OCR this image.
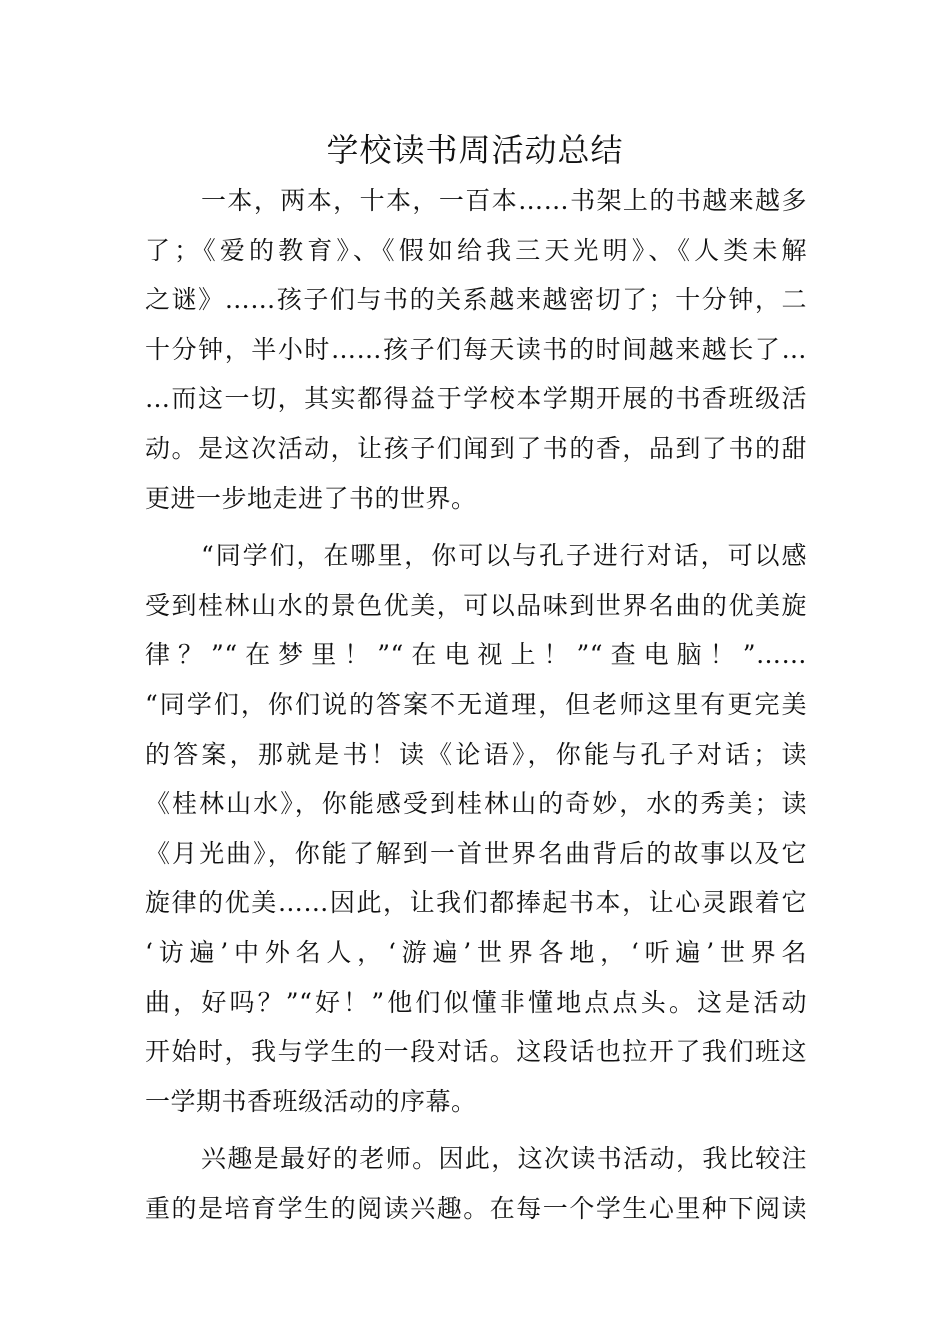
学校读书周活动总结
一本，两本，十本，一百本……书架上的书越来越多
了；《爱的教育》、《假如给我三天光明》、《人类未解
之谜》……孩子们与书的关系越来越密切了；十分钟，二
十分钟，半小时……孩子们每天读书的时间越来越长了…
…而这一切，其实都得益于学校本学期开展的书香班级活
动。是这次活动，让孩子们闻到了书的香，品到了书的甜
更进一步地走进了书的世界。
“同学们，在哪里，你可以与孔子进行对话，可以感
受到桂林山水的景色优美，可以品味到世界名曲的优美旋
律？”“在梦里！”“在电视上！”“查电脑！”……
“同学们，你们说的答案不无道理，但老师这里有更完美
的答案，那就是书！读《论语》，你能与孔子对话；读
《桂林山水》，你能感受到桂林山的奇妙，水的秀美；读
《月光曲》，你能了解到一首世界名曲背后的故事以及它
旋律的优美……因此，让我们都捧起书本，让心灵跟着它
‘访遍’中外名人，‘游遍’世界各地，‘听遍’世界名
曲，好吗？”“好！”他们似懂非懂地点点头。这是活动
开始时，我与学生的一段对话。这段话也拉开了我们班这
一学期书香班级活动的序幕。
兴趣是最好的老师。因此，这次读书活动，我比较注
重的是培育学生的阅读兴趣。在每一个学生心里种下阅读
